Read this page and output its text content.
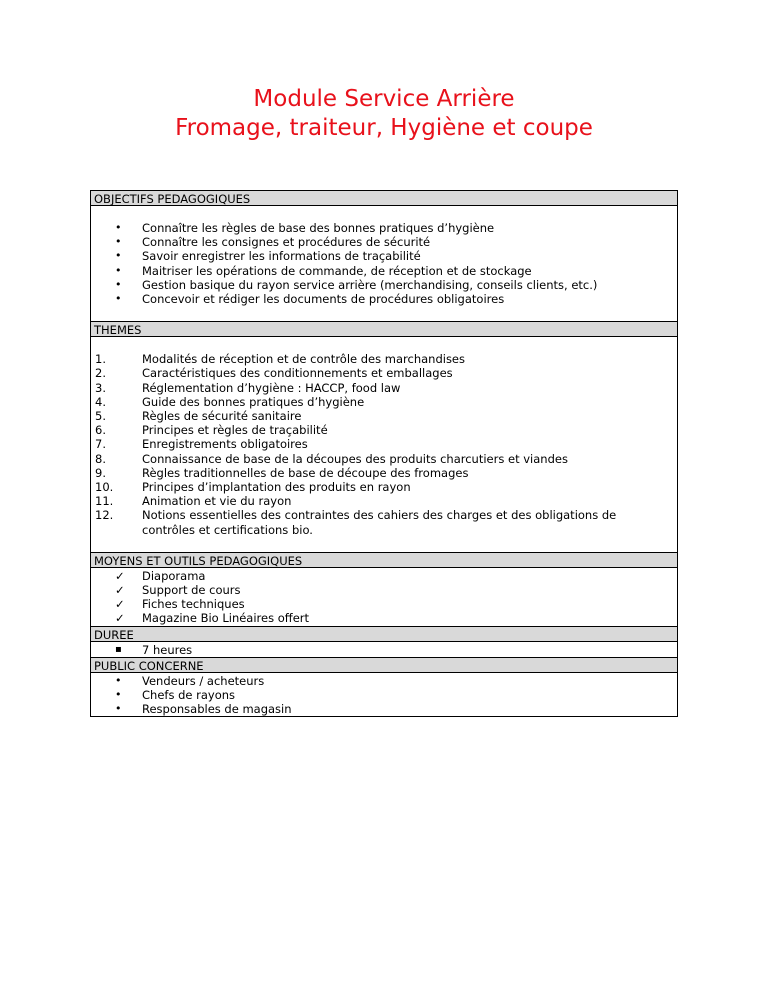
Module Service Arrière
Fromage, traiteur, Hygiène et coupe
OBJECTIFS PEDAGOGIQUES
•	Connaître les règles de base des bonnes pratiques d’hygiène
•	Connaître les consignes et procédures de sécurité
•	Savoir enregistrer les informations de traçabilité
•	Maitriser les opérations de commande, de réception et de stockage
•	Gestion basique du rayon service arrière (merchandising, conseils clients, etc.)
•	Concevoir et rédiger les documents de procédures obligatoires
THEMES
1.	Modalités de réception et de contrôle des marchandises
2.	Caractéristiques des conditionnements et emballages
3.	Réglementation d’hygiène : HACCP, food law
4.	Guide des bonnes pratiques d’hygiène
5.	Règles de sécurité sanitaire
6.	Principes et règles de traçabilité
7.	Enregistrements obligatoires
8.	Connaissance de base de la découpes des produits charcutiers et viandes
9.	Règles traditionnelles de base de découpe des fromages
10.	Principes d’implantation des produits en rayon
11.	Animation et vie du rayon
12.	Notions essentielles des contraintes des cahiers des charges et des obligations de contrôles et certifications bio.
MOYENS ET OUTILS PEDAGOGIQUES
✓	Diaporama
✓	Support de cours
✓	Fiches techniques
✓	Magazine Bio Linéaires offert
DUREE
▪	7 heures
PUBLIC CONCERNE
•	Vendeurs / acheteurs
•	Chefs de rayons
•	Responsables de magasin
